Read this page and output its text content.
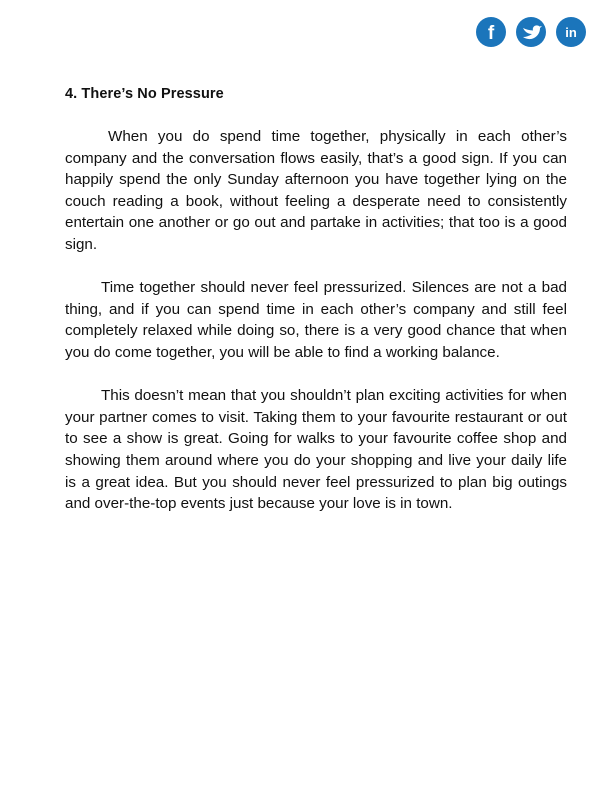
f	in
4. There’s No Pressure

When you do spend time together, physically in each other’s company and the conversation flows easily, that’s a good sign. If you can happily spend the only Sunday afternoon you have together lying on the couch reading a book, without feeling a desperate need to consistently entertain one another or go out and partake in activities; that too is a good sign.

Time together should never feel pressurized. Silences are not a bad thing, and if you can spend time in each other’s company and still feel completely relaxed while doing so, there is a very good chance that when you do come together, you will be able to find a working balance.

This doesn’t mean that you shouldn’t plan exciting activities for when your partner comes to visit. Taking them to your favourite restaurant or out to see a show is great. Going for walks to your favourite coffee shop and showing them around where you do your shopping and live your daily life is a great idea. But you should never feel pressurized to plan big outings and over-the-top events just because your love is in town.
